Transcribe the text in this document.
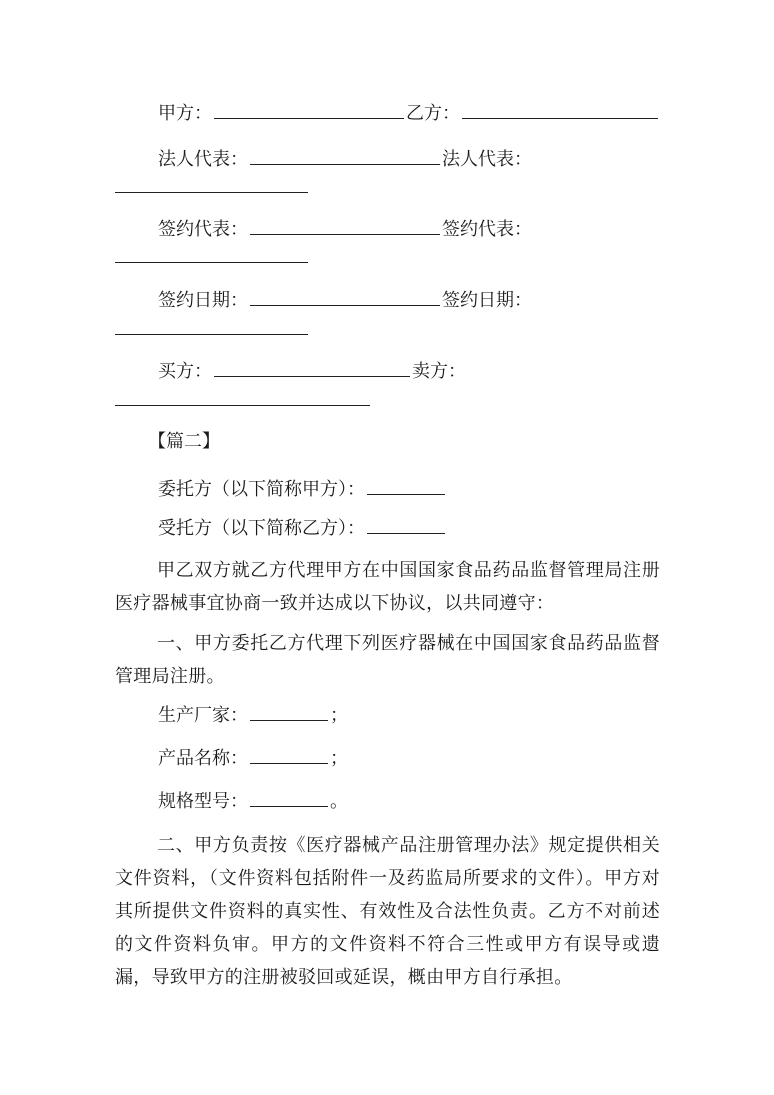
甲方：	乙方：
法人代表：	法人代表：
签约代表：	签约代表：
签约日期：	签约日期：
买方：	卖方：
【篇二】
委托方（以下简称甲方）：
受托方（以下简称乙方）：
甲乙双方就乙方代理甲方在中国国家食品药品监督管理局注册医疗器械事宜协商一致并达成以下协议，以共同遵守：
一、甲方委托乙方代理下列医疗器械在中国国家食品药品监督管理局注册。
生产厂家：	；
产品名称：	；
规格型号：	。
二、甲方负责按《医疗器械产品注册管理办法》规定提供相关文件资料，（文件资料包括附件一及药监局所要求的文件）。甲方对其所提供文件资料的真实性、有效性及合法性负责。乙方不对前述的文件资料负审。甲方的文件资料不符合三性或甲方有误导或遗漏，导致甲方的注册被驳回或延误，概由甲方自行承担。
